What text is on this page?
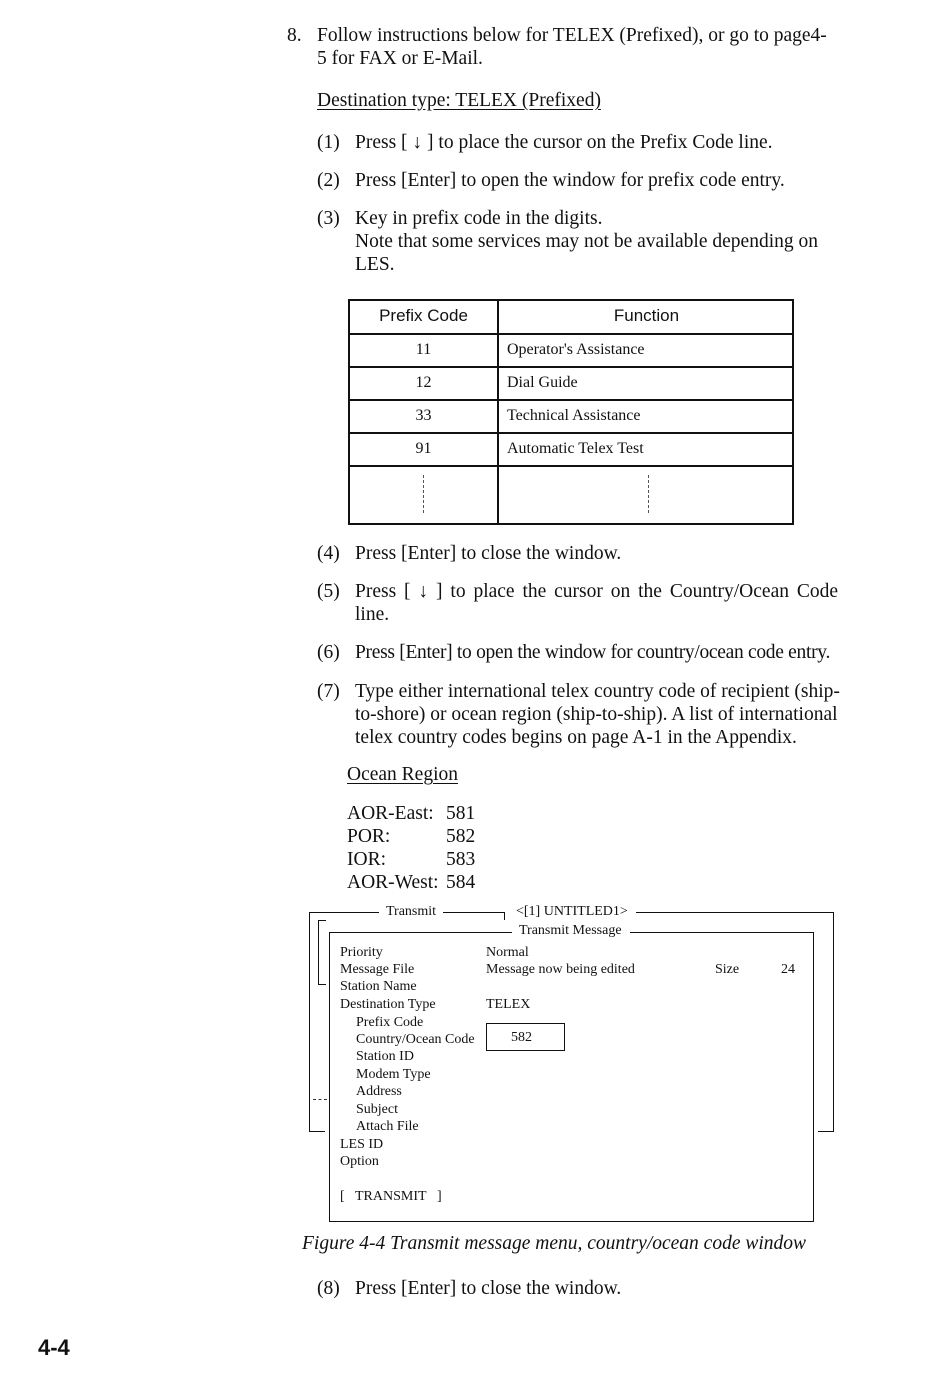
8. Follow instructions below for TELEX (Prefixed), or go to page4-
5 for FAX or E-Mail.
Destination type: TELEX (Prefixed)
(1) Press [ ↓ ] to place the cursor on the Prefix Code line.
(2) Press [Enter] to open the window for prefix code entry.
(3) Key in prefix code in the digits.
Note that some services may not be available depending on
LES.
Prefix Code	Function
11	Operator's Assistance
12	Dial Guide
33	Technical Assistance
91	Automatic Telex Test
(4) Press [Enter] to close the window.
(5) Press [ ↓ ] to place the cursor on the Country/Ocean Code
line.
(6) Press [Enter] to open the window for country/ocean code entry.
(7) Type either international telex country code of recipient (ship-
to-shore) or ocean region (ship-to-ship). A list of international
telex country codes begins on page A-1 in the Appendix.
Ocean Region
AOR-East: 581
POR:	582
IOR:	583
AOR-West: 584
Transmit	<[1] UNTITLED1>
Transmit Message
Priority	Normal
Message File	Message now being edited	Size	24
Station Name
Destination Type	TELEX
Prefix Code
Country/Ocean Code	582
Station ID
Modem Type
Address
Subject
Attach File
LES ID
Option
[ TRANSMIT ]
Figure 4-4 Transmit message menu, country/ocean code window
(8) Press [Enter] to close the window.
4-4
